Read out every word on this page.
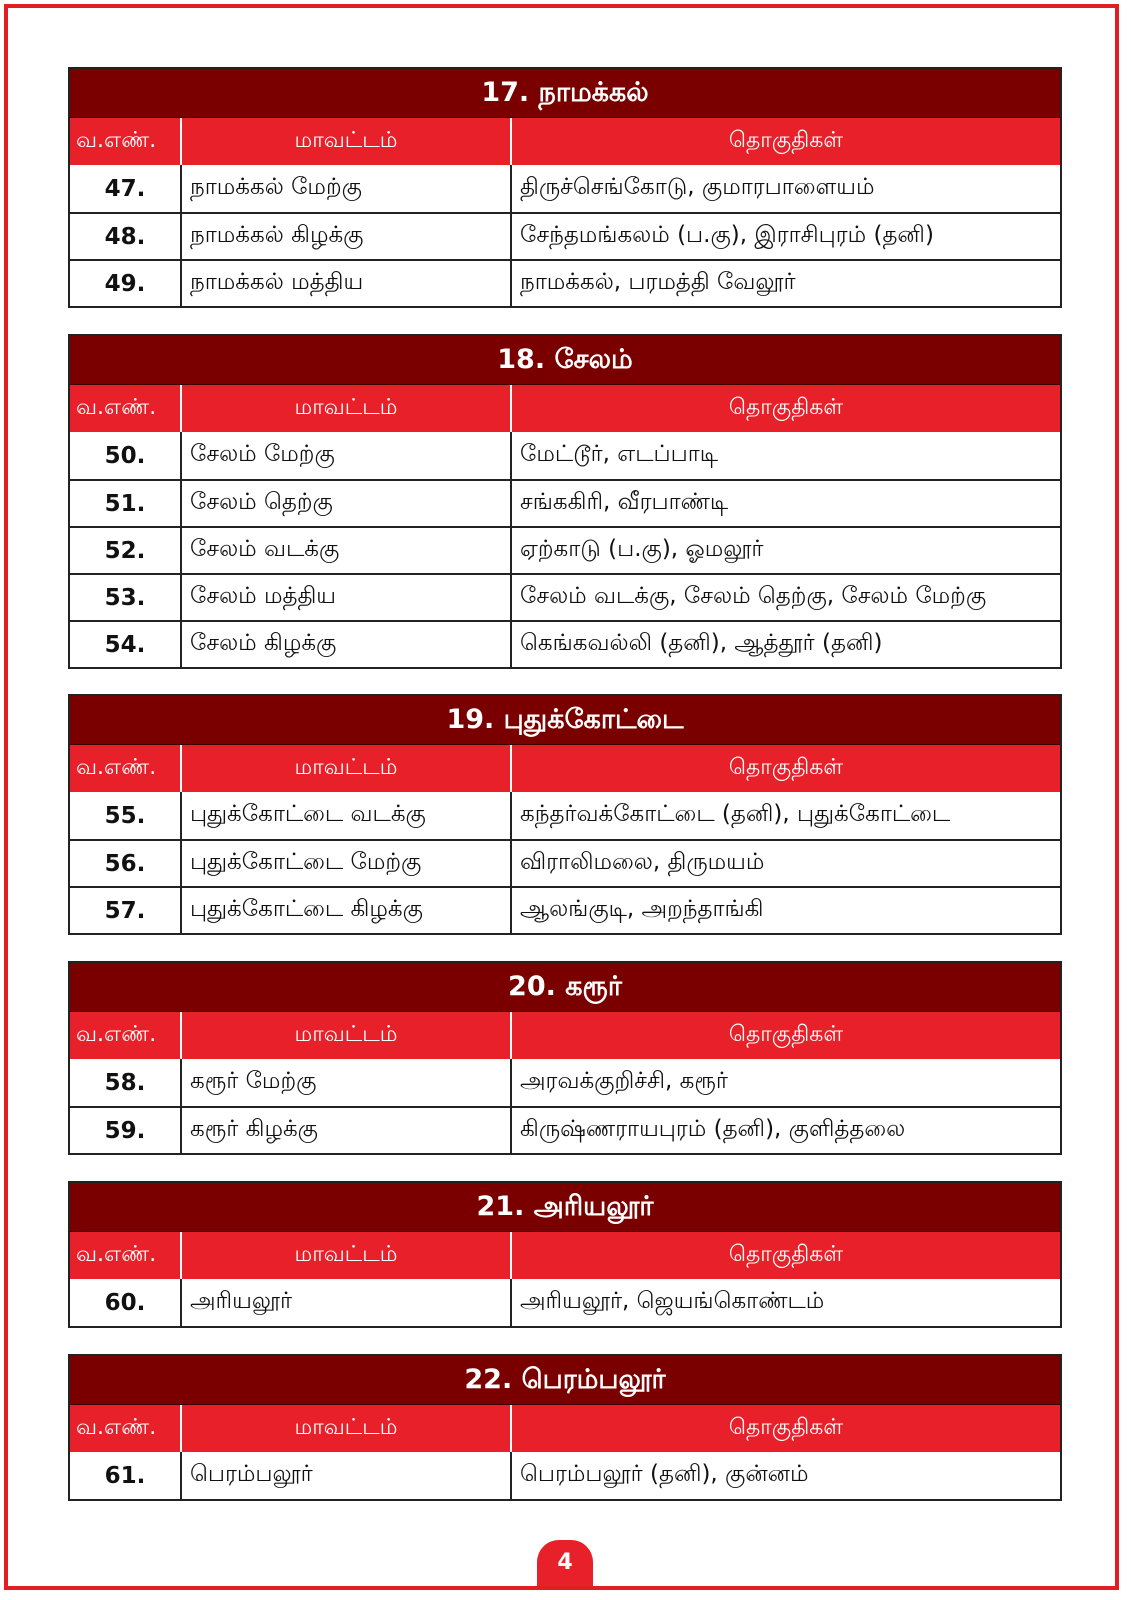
17. நாமக்கல்
வ.எண்.	மாவட்டம்	தொகுதிகள்
47.	நாமக்கல் மேற்கு	திருச்செங்கோடு, குமாரபாளையம்
48.	நாமக்கல் கிழக்கு	சேந்தமங்கலம் (ப.கு), இராசிபுரம் (தனி)
49.	நாமக்கல் மத்திய	நாமக்கல், பரமத்தி வேலூர்
18. சேலம்
வ.எண்.	மாவட்டம்	தொகுதிகள்
50.	சேலம் மேற்கு	மேட்டூர், எடப்பாடி
51.	சேலம் தெற்கு	சங்ககிரி, வீரபாண்டி
52.	சேலம் வடக்கு	ஏற்காடு (ப.கு), ஓமலூர்
53.	சேலம் மத்திய	சேலம் வடக்கு, சேலம் தெற்கு, சேலம் மேற்கு
54.	சேலம் கிழக்கு	கெங்கவல்லி (தனி), ஆத்தூர் (தனி)
19. புதுக்கோட்டை
வ.எண்.	மாவட்டம்	தொகுதிகள்
55.	புதுக்கோட்டை வடக்கு	கந்தர்வக்கோட்டை (தனி), புதுக்கோட்டை
56.	புதுக்கோட்டை மேற்கு	விராலிமலை, திருமயம்
57.	புதுக்கோட்டை கிழக்கு	ஆலங்குடி, அறந்தாங்கி
20. கரூர்
வ.எண்.	மாவட்டம்	தொகுதிகள்
58.	கரூர் மேற்கு	அரவக்குறிச்சி, கரூர்
59.	கரூர் கிழக்கு	கிருஷ்ணராயபுரம் (தனி), குளித்தலை
21. அரியலூர்
வ.எண்.	மாவட்டம்	தொகுதிகள்
60.	அரியலூர்	அரியலூர், ஜெயங்கொண்டம்
22. பெரம்பலூர்
வ.எண்.	மாவட்டம்	தொகுதிகள்
61.	பெரம்பலூர்	பெரம்பலூர் (தனி), குன்னம்
4
